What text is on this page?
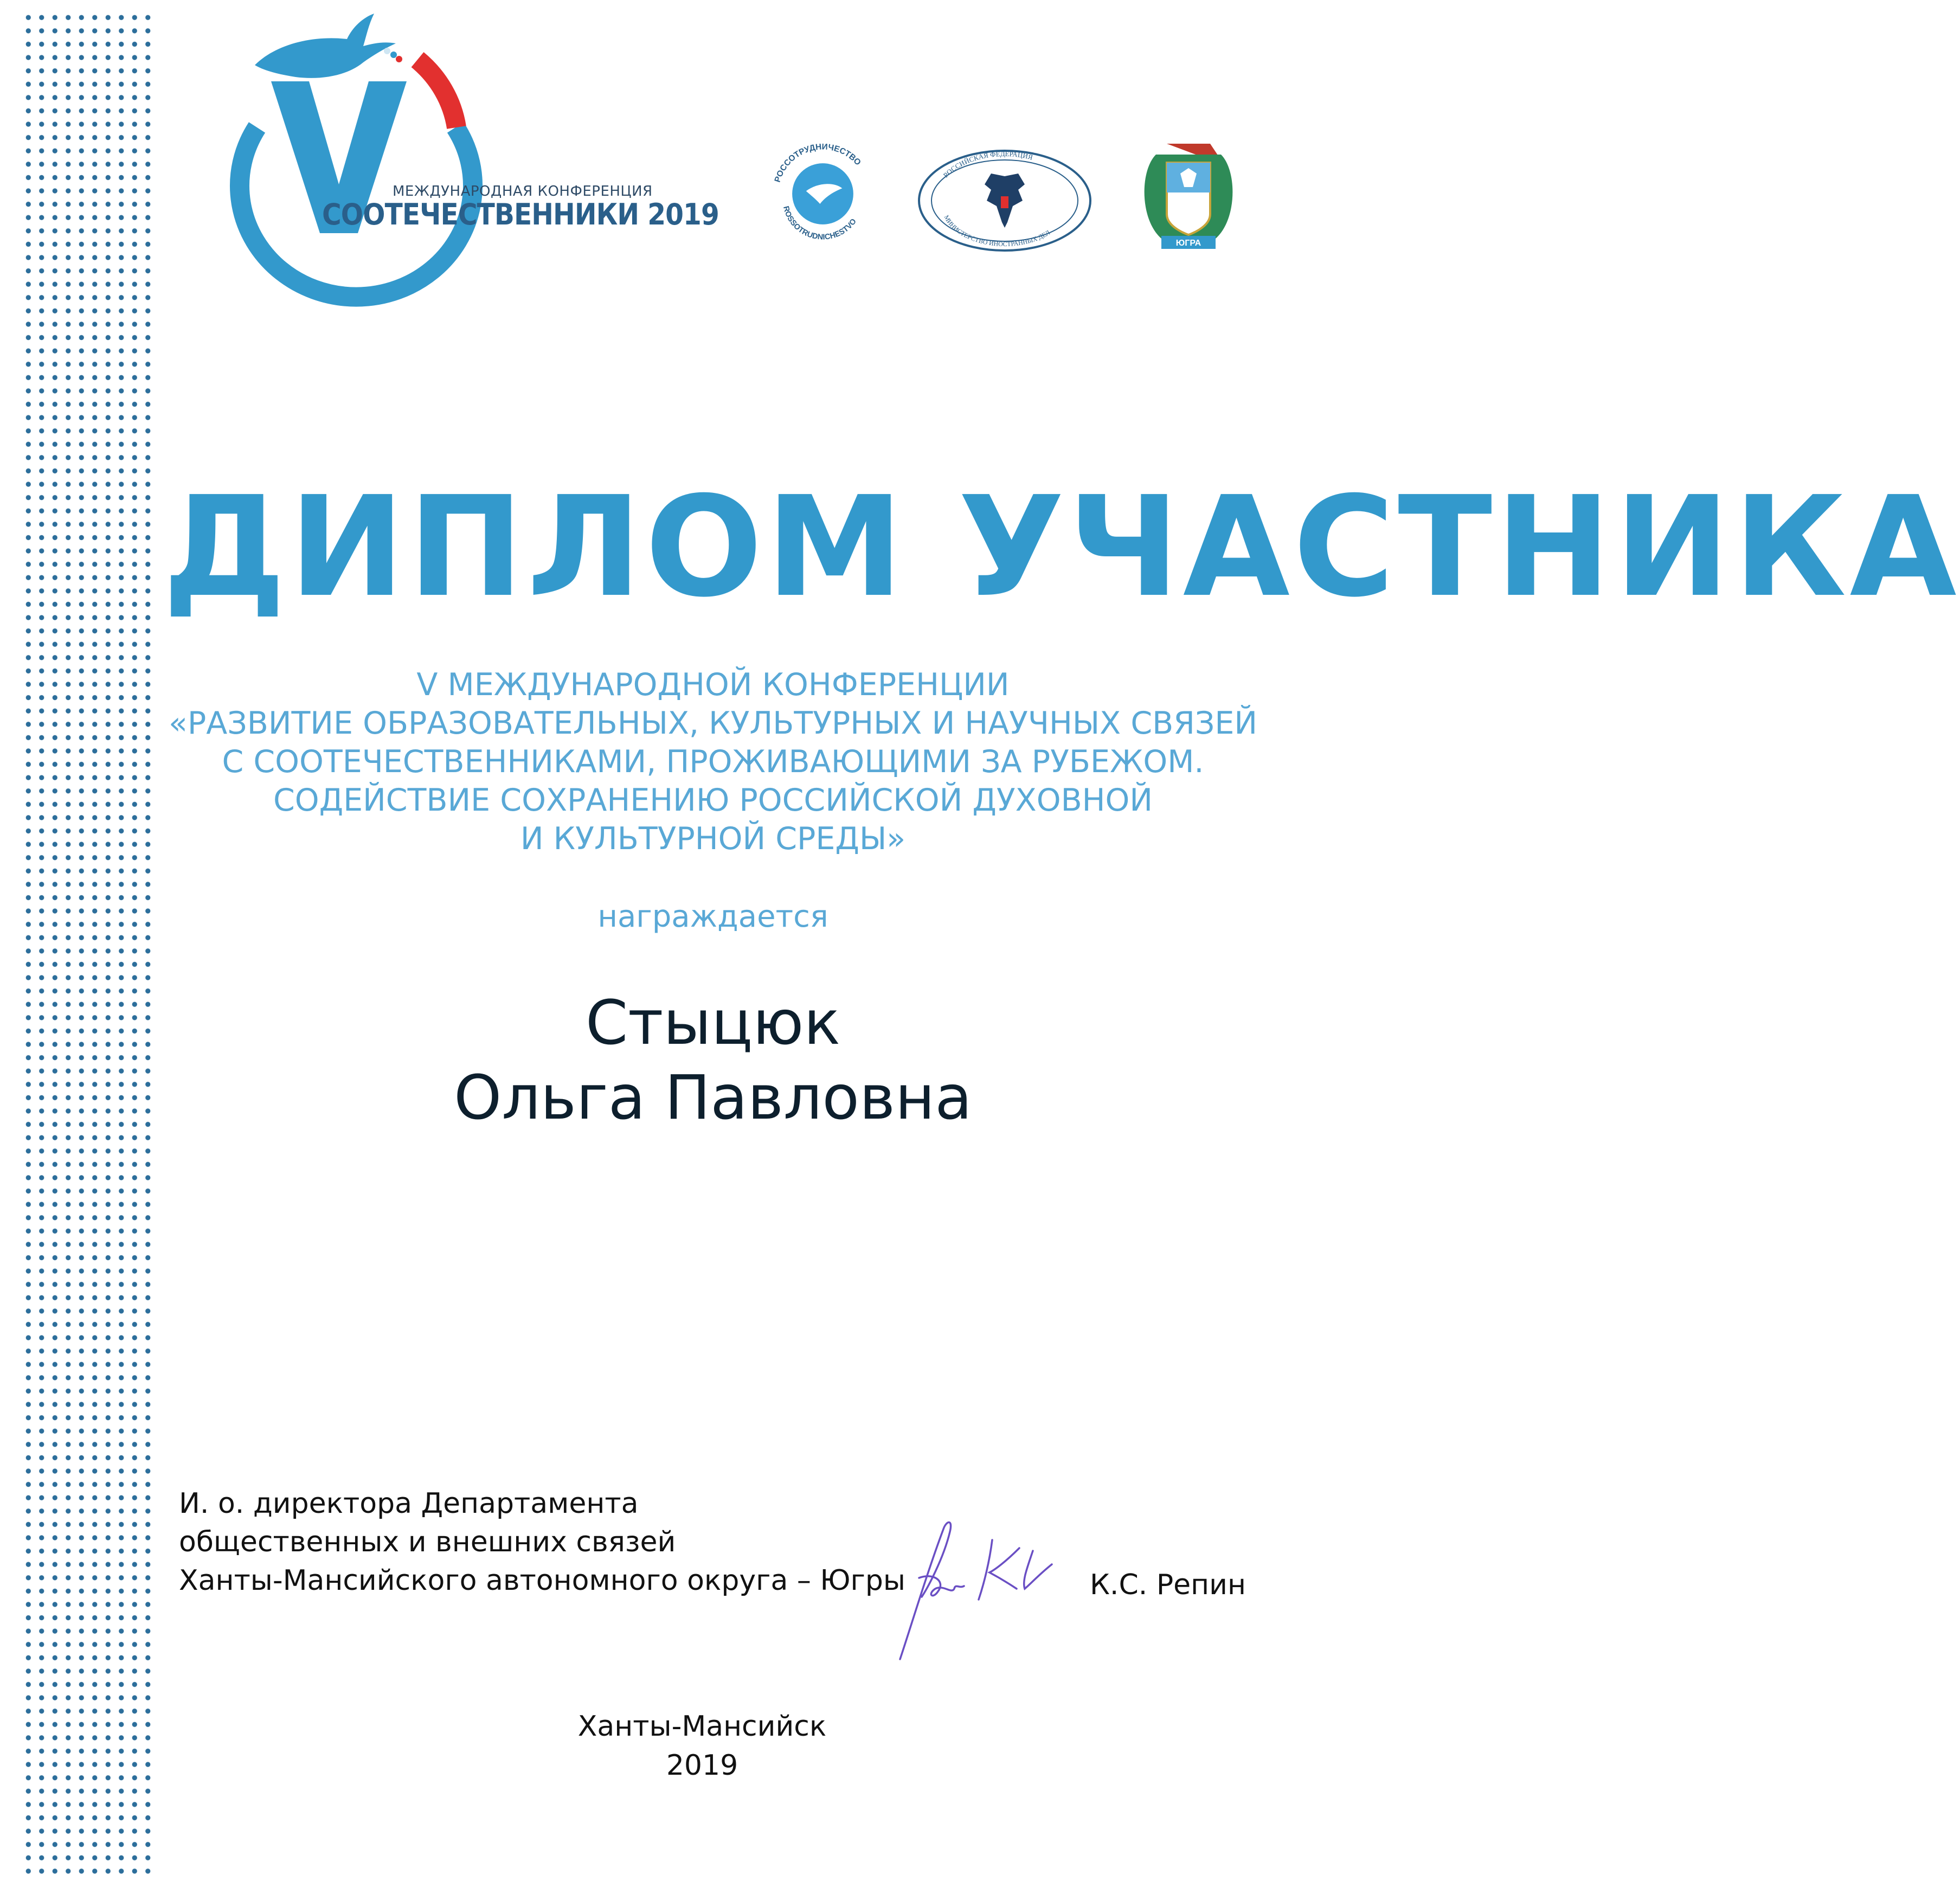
МЕЖДУНАРОДНАЯ КОНФЕРЕНЦИЯ
СООТЕЧЕСТВЕННИКИ 2019
РОССОТРУДНИЧЕСТВО
ROSSOTRUDNICHESTVO
РОССИЙСКАЯ ФЕДЕРАЦИЯ
МИНИСТЕРСТВО ИНОСТРАННЫХ ДЕЛ
ЮГРА
ДИПЛОМ УЧАСТНИКА
V МЕЖДУНАРОДНОЙ КОНФЕРЕНЦИИ
«РАЗВИТИЕ ОБРАЗОВАТЕЛЬНЫХ, КУЛЬТУРНЫХ И НАУЧНЫХ СВЯЗЕЙ
С СООТЕЧЕСТВЕННИКАМИ, ПРОЖИВАЮЩИМИ ЗА РУБЕЖОМ.
СОДЕЙСТВИЕ СОХРАНЕНИЮ РОССИЙСКОЙ ДУХОВНОЙ
И КУЛЬТУРНОЙ СРЕДЫ»
награждается
Стыцюк
Ольга Павловна
И. о. директора Департамента
общественных и внешних связей
Ханты-Мансийского автономного округа – Югры	К.С. Репин
Ханты-Мансийск
2019
